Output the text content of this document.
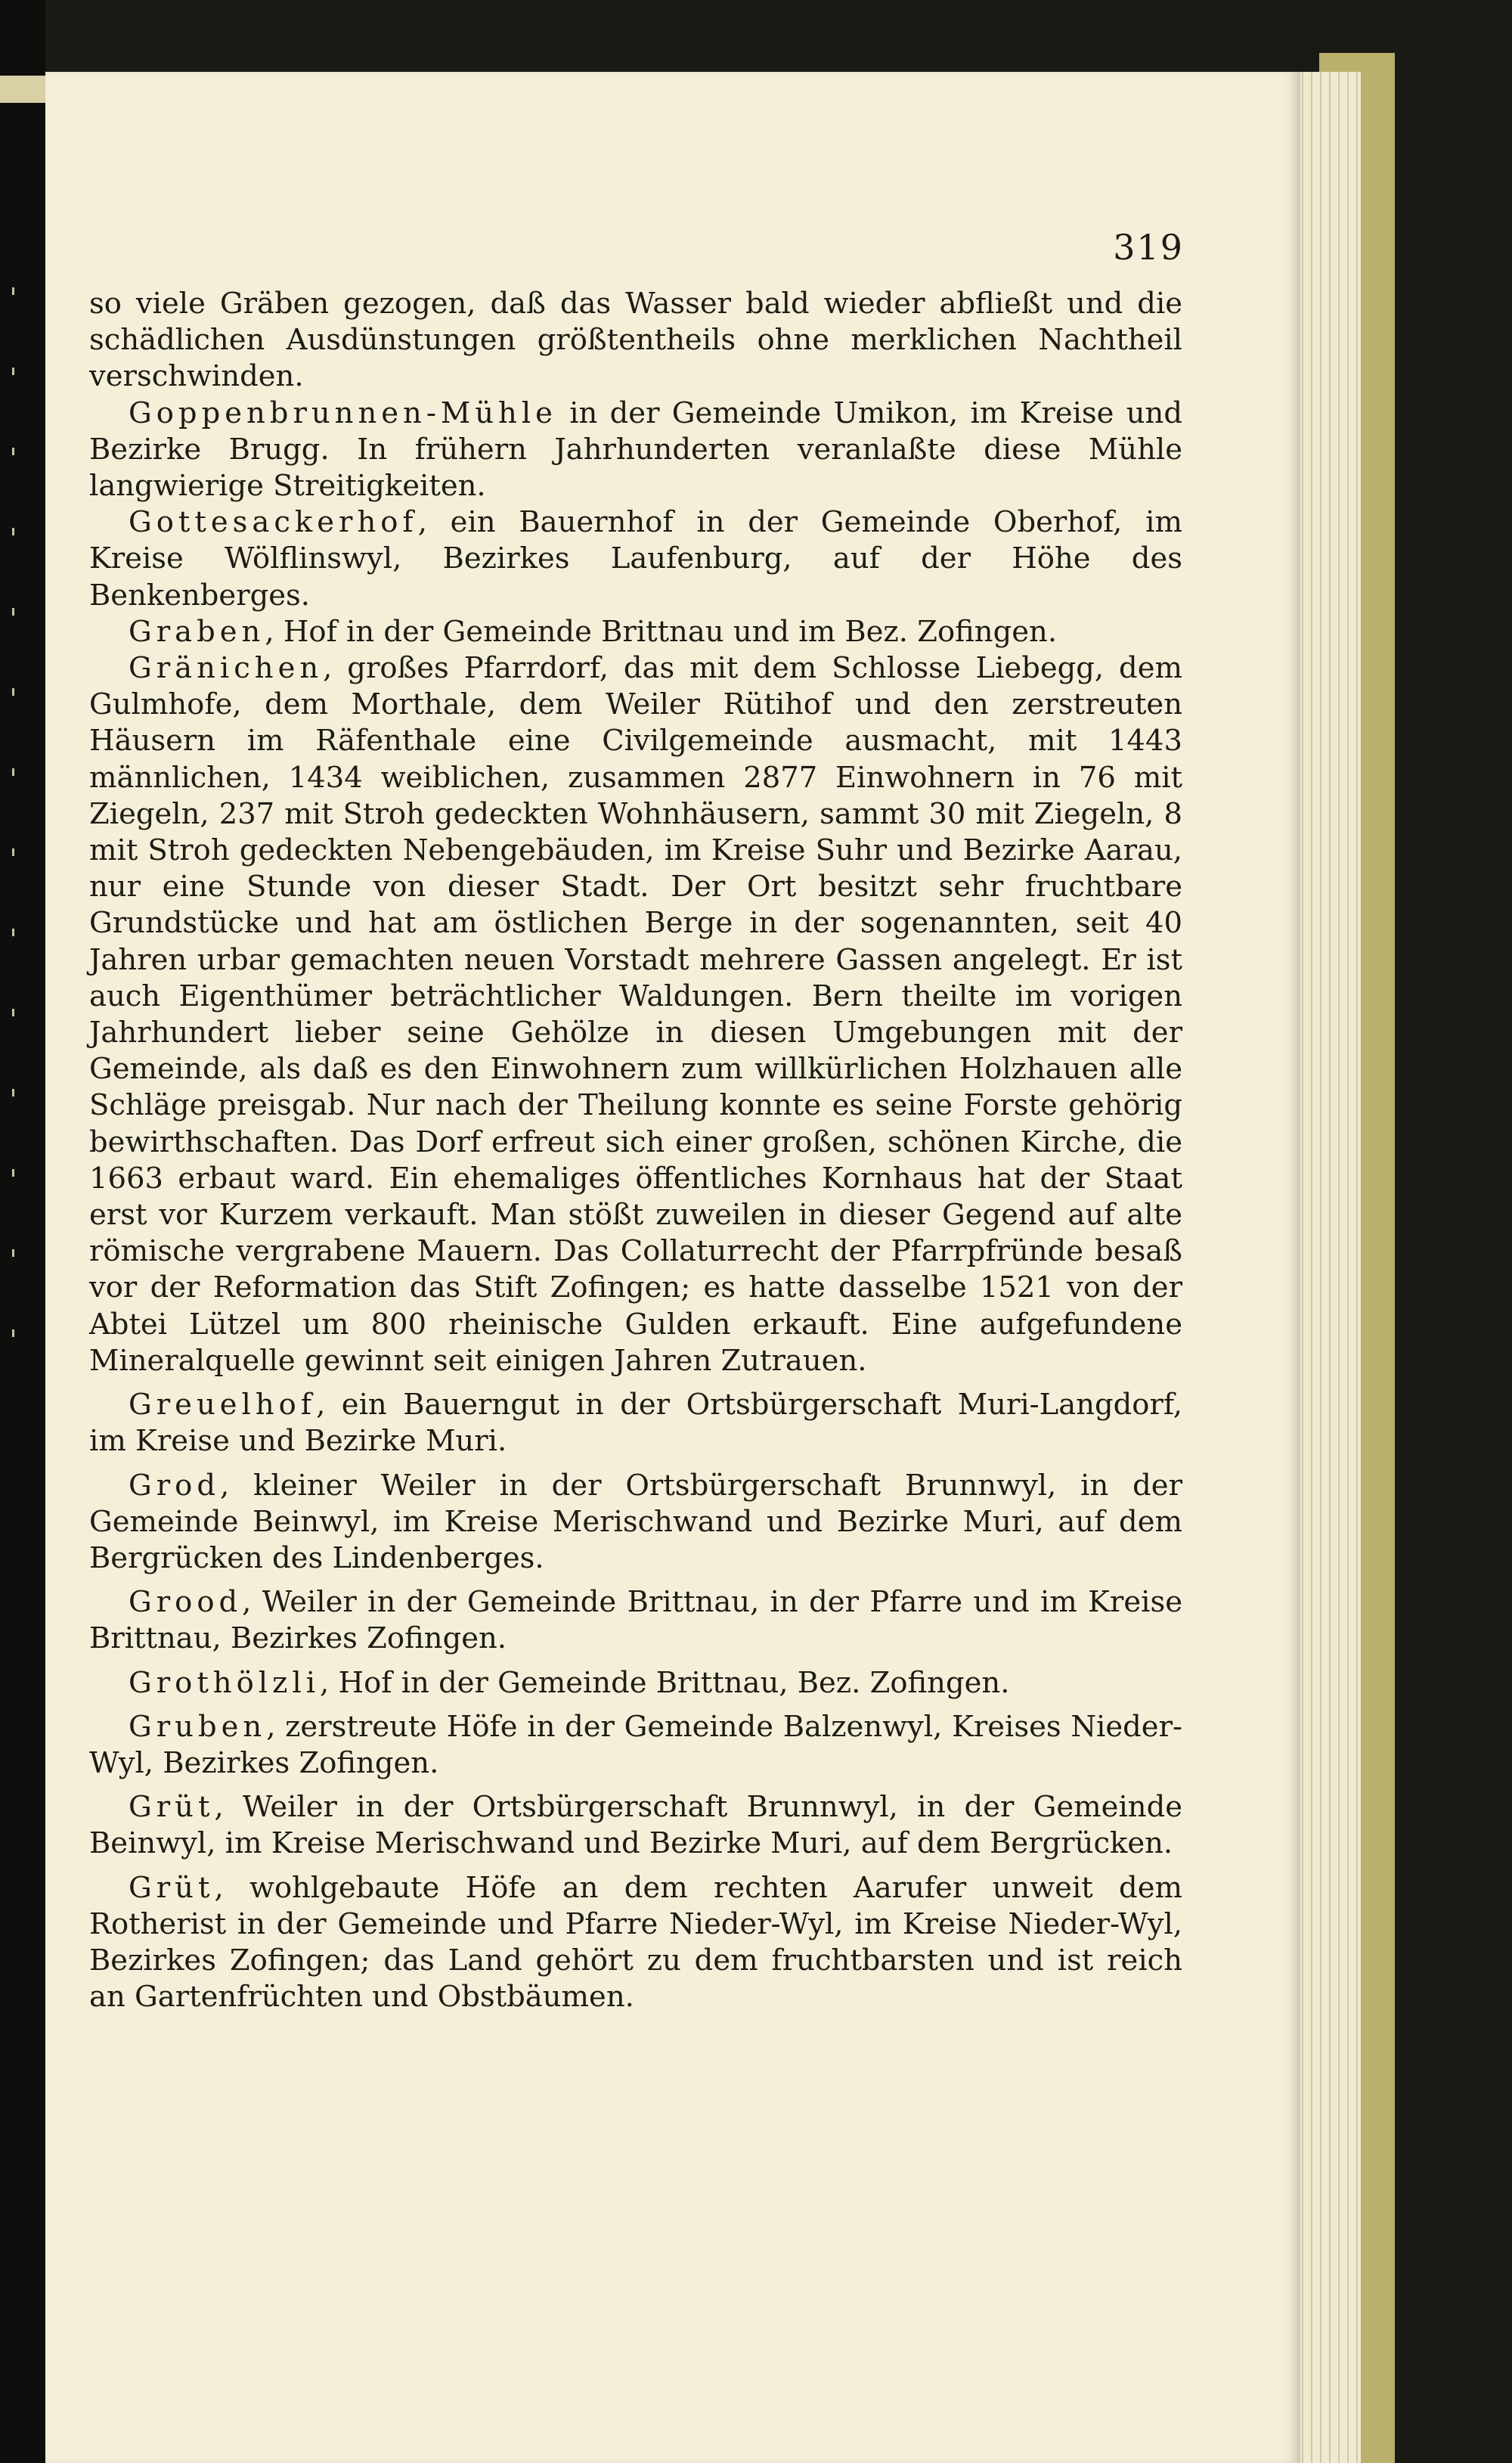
319

so viele Gräben gezogen, daß das Wasser bald wieder abfließt und die schädlichen Ausdünstungen größtentheils ohne merklichen Nachtheil verschwinden.

Goppenbrunnen-Mühle in der Gemeinde Umikon, im Kreise und Bezirke Brugg. In frühern Jahrhunderten veranlaßte diese Mühle langwierige Streitigkeiten.

Gottesackerhof, ein Bauernhof in der Gemeinde Oberhof, im Kreise Wölflinswyl, Bezirkes Laufenburg, auf der Höhe des Benkenberges.

Graben, Hof in der Gemeinde Brittnau und im Bez. Zofingen.

Gränichen, großes Pfarrdorf, das mit dem Schlosse Liebegg, dem Gulmhofe, dem Morthale, dem Weiler Rütihof und den zerstreuten Häusern im Räfenthale eine Civilgemeinde ausmacht, mit 1443 männlichen, 1434 weiblichen, zusammen 2877 Einwohnern in 76 mit Ziegeln, 237 mit Stroh gedeckten Wohnhäusern, sammt 30 mit Ziegeln, 8 mit Stroh gedeckten Nebengebäuden, im Kreise Suhr und Bezirke Aarau, nur eine Stunde von dieser Stadt. Der Ort besitzt sehr fruchtbare Grundstücke und hat am östlichen Berge in der sogenannten, seit 40 Jahren urbar gemachten neuen Vorstadt mehrere Gassen angelegt. Er ist auch Eigenthümer beträchtlicher Waldungen. Bern theilte im vorigen Jahrhundert lieber seine Gehölze in diesen Umgebungen mit der Gemeinde, als daß es den Einwohnern zum willkürlichen Holzhauen alle Schläge preisgab. Nur nach der Theilung konnte es seine Forste gehörig bewirthschaften. Das Dorf erfreut sich einer großen, schönen Kirche, die 1663 erbaut ward. Ein ehemaliges öffentliches Kornhaus hat der Staat erst vor Kurzem verkauft. Man stößt zuweilen in dieser Gegend auf alte römische vergrabene Mauern. Das Collaturrecht der Pfarrpfründe besaß vor der Reformation das Stift Zofingen; es hatte dasselbe 1521 von der Abtei Lützel um 800 rheinische Gulden erkauft. Eine aufgefundene Mineralquelle gewinnt seit einigen Jahren Zutrauen.

Greuelhof, ein Bauerngut in der Ortsbürgerschaft Muri-Langdorf, im Kreise und Bezirke Muri.

Grod, kleiner Weiler in der Ortsbürgerschaft Brunnwyl, in der Gemeinde Beinwyl, im Kreise Merischwand und Bezirke Muri, auf dem Bergrücken des Lindenberges.

Grood, Weiler in der Gemeinde Brittnau, in der Pfarre und im Kreise Brittnau, Bezirkes Zofingen.

Grothölzli, Hof in der Gemeinde Brittnau, Bez. Zofingen.

Gruben, zerstreute Höfe in der Gemeinde Balzenwyl, Kreises Nieder-Wyl, Bezirkes Zofingen.

Grüt, Weiler in der Ortsbürgerschaft Brunnwyl, in der Gemeinde Beinwyl, im Kreise Merischwand und Bezirke Muri, auf dem Bergrücken.

Grüt, wohlgebaute Höfe an dem rechten Aarufer unweit dem Rotherist in der Gemeinde und Pfarre Nieder-Wyl, im Kreise Nieder-Wyl, Bezirkes Zofingen; das Land gehört zu dem fruchtbarsten und ist reich an Gartenfrüchten und Obstbäumen.
